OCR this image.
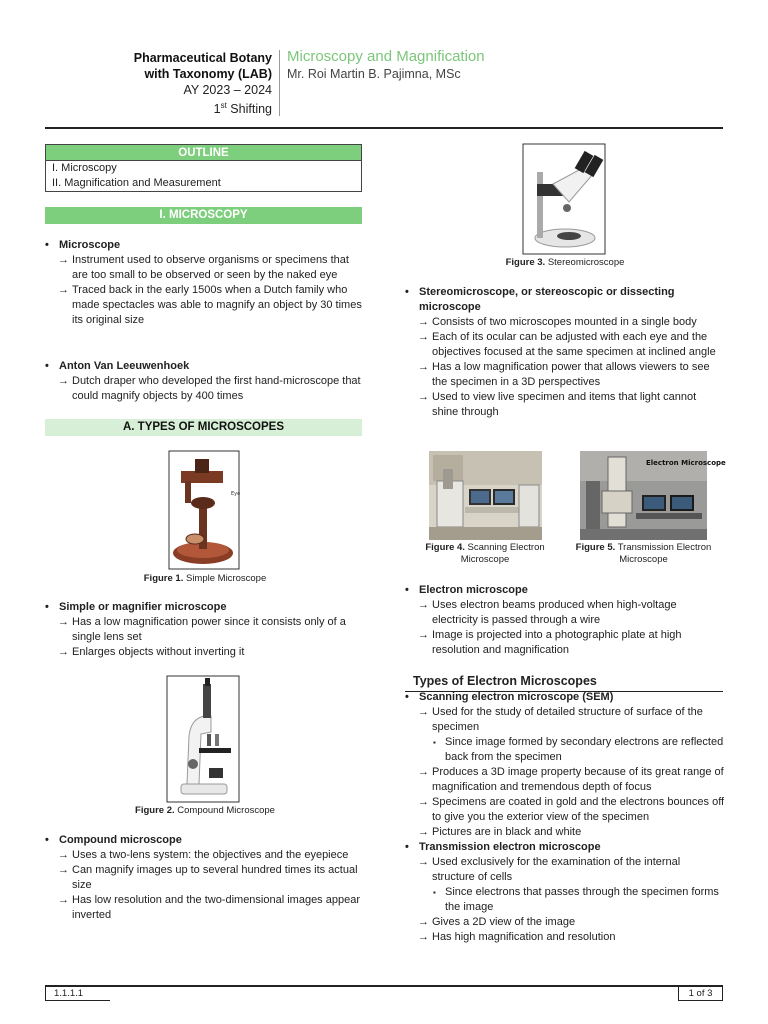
Pharmaceutical Botany
with Taxonomy (LAB)
AY 2023 – 2024
1st Shifting
Microscopy and Magnification
Mr. Roi Martin B. Pajimna, MSc
OUTLINE
I. Microscopy
II. Magnification and Measurement
I. MICROSCOPY
• Microscope
→ Instrument used to observe organisms or specimens that are too small to be observed or seen by the naked eye
→ Traced back in the early 1500s when a Dutch family who made spectacles was able to magnify an object by 30 times its original size
• Anton Van Leeuwenhoek
→ Dutch draper who developed the first hand-microscope that could magnify objects by 400 times
A. TYPES OF MICROSCOPES
Eye
Figure 1. Simple Microscope
• Simple or magnifier microscope
→ Has a low magnification power since it consists only of a single lens set
→ Enlarges objects without inverting it
Figure 2. Compound Microscope
• Compound microscope
→ Uses a two-lens system: the objectives and the eyepiece
→ Can magnify images up to several hundred times its actual size
→ Has low resolution and the two-dimensional images appear inverted
Figure 3. Stereomicroscope
• Stereomicroscope, or stereoscopic or dissecting microscope
→ Consists of two microscopes mounted in a single body
→ Each of its ocular can be adjusted with each eye and the objectives focused at the same specimen at inclined angle
→ Has a low magnification power that allows viewers to see the specimen in a 3D perspectives
→ Used to view live specimen and items that light cannot shine through
Figure 4. Scanning Electron Microscope
Electron Microscope
Figure 5. Transmission Electron Microscope
• Electron microscope
→ Uses electron beams produced when high-voltage electricity is passed through a wire
→ Image is projected into a photographic plate at high resolution and magnification
Types of Electron Microscopes
• Scanning electron microscope (SEM)
→ Used for the study of detailed structure of surface of the specimen
▪ Since image formed by secondary electrons are reflected back from the specimen
→ Produces a 3D image property because of its great range of magnification and tremendous depth of focus
→ Specimens are coated in gold and the electrons bounces off to give you the exterior view of the specimen
→ Pictures are in black and white
• Transmission electron microscope
→ Used exclusively for the examination of the internal structure of cells
▪ Since electrons that passes through the specimen forms the image
→ Gives a 2D view of the image
→ Has high magnification and resolution
1.1.1.1	1 of 3
